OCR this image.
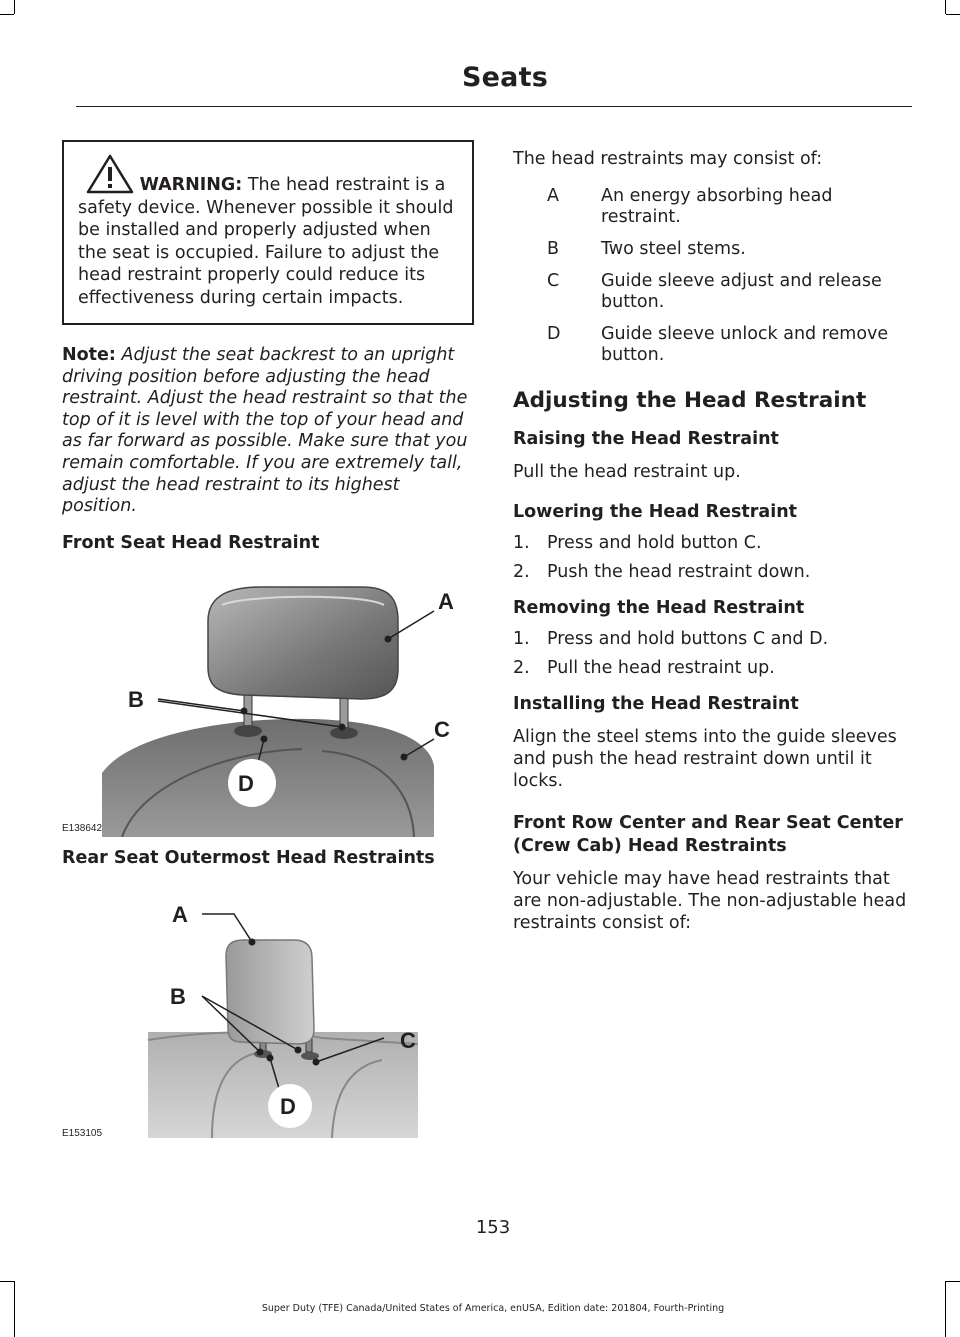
Seats
WARNING: The head restraint is a safety device. Whenever possible it should be installed and properly adjusted when the seat is occupied. Failure to adjust the head restraint properly could reduce its effectiveness during certain impacts.
Note: Adjust the seat backrest to an upright driving position before adjusting the head restraint. Adjust the head restraint so that the top of it is level with the top of your head and as far forward as possible. Make sure that you remain comfortable. If you are extremely tall, adjust the head restraint to its highest position.
Front Seat Head Restraint
A
B
C
D
E138642
Rear Seat Outermost Head Restraints
A
B
C
D
E153105
The head restraints may consist of:
A	An energy absorbing head restraint.
B	Two steel stems.
C	Guide sleeve adjust and release button.
D	Guide sleeve unlock and remove button.
Adjusting the Head Restraint
Raising the Head Restraint
Pull the head restraint up.
Lowering the Head Restraint
1. Press and hold button C.
2. Push the head restraint down.
Removing the Head Restraint
1. Press and hold buttons C and D.
2. Pull the head restraint up.
Installing the Head Restraint
Align the steel stems into the guide sleeves and push the head restraint down until it locks.
Front Row Center and Rear Seat Center (Crew Cab) Head Restraints
Your vehicle may have head restraints that are non-adjustable. The non-adjustable head restraints consist of:
153
Super Duty (TFE) Canada/United States of America, enUSA, Edition date: 201804, Fourth-Printing
